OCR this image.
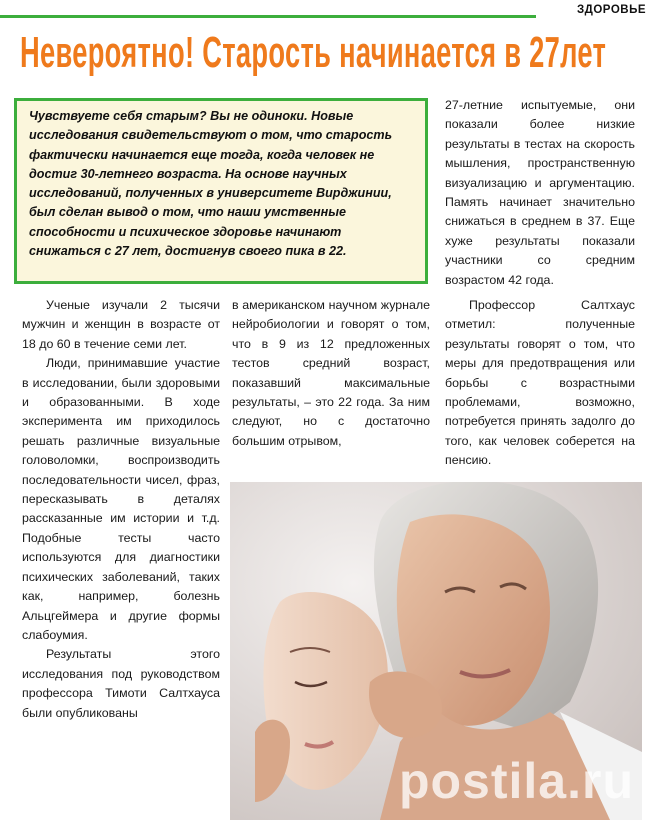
ЗДОРОВЬЕ
Невероятно! Старость начинается в 27лет

Чувствуете себя старым? Вы не одиноки. Новые исследования свидетельствуют о том, что старость фактически начинается еще тогда, когда человек не достиг 30-летнего возраста. На основе научных исследований, полученных в университете Вирджинии, был сделан вывод о том, что наши умственные способности и психическое здоровье начинают снижаться с 27 лет, достигнув своего пика в 22.

27-летние испытуемые, они показали более низкие результаты в тестах на скорость мышления, пространственную визуализацию и аргументацию. Память начинает значительно снижаться в среднем в 37. Еще хуже результаты показали участники со средним возрастом 42 года.

Ученые изучали 2 тысячи мужчин и женщин в возрасте от 18 до 60 в течение семи лет.

Люди, принимавшие участие в исследовании, были здоровыми и образованными. В ходе эксперимента им приходилось решать различные визуальные головоломки, воспроизводить последовательности чисел, фраз, пересказывать в деталях рассказанные им истории и т.д. Подобные тесты часто используются для диагностики психических заболеваний, таких как, например, болезнь Альцгеймера и другие формы слабоумия.

Результаты этого исследования под руководством профессора Тимоти Салтхауса были опубликованы

в американском научном журнале нейробиологии и говорят о том, что в 9 из 12 предложенных тестов средний возраст, показавший максимальные результаты, – это 22 года. За ним следуют, но с достаточно большим отрывом,

Профессор Салтхаус отметил: полученные результаты говорят о том, что меры для предотвращения или борьбы с возрастными проблемами, возможно, потребуется принять задолго до того, как человек соберется на пенсию.

postila.ru
